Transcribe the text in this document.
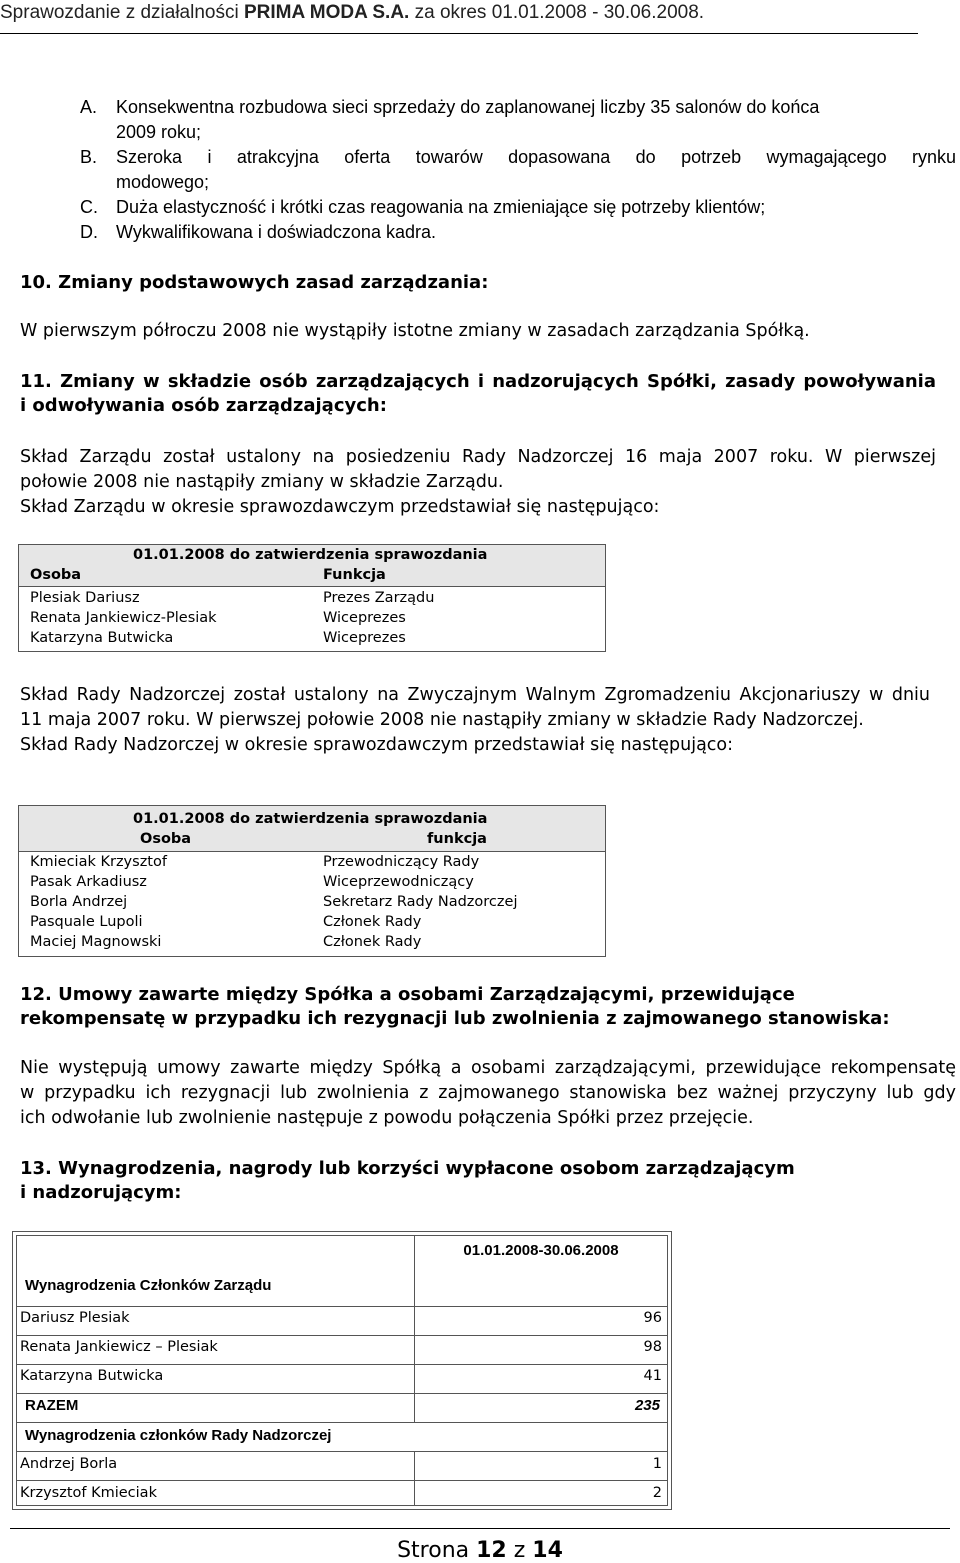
Sprawozdanie z działalności PRIMA MODA S.A. za okres 01.01.2008 - 30.06.2008.
A. Konsekwentna rozbudowa sieci sprzedaży do zaplanowanej liczby 35 salonów do końca
2009 roku;
B. Szeroka i atrakcyjna oferta towarów dopasowana do potrzeb wymagającego rynku
modowego;
C. Duża elastyczność i krótki czas reagowania na zmieniające się potrzeby klientów;
D. Wykwalifikowana i doświadczona kadra.
10. Zmiany podstawowych zasad zarządzania:
W pierwszym półroczu 2008 nie wystąpiły istotne zmiany w zasadach zarządzania Spółką.
11. Zmiany w składzie osób zarządzających i nadzorujących Spółki, zasady powoływania
i odwoływania osób zarządzających:
Skład Zarządu został ustalony na posiedzeniu Rady Nadzorczej 16 maja 2007 roku. W pierwszej
połowie 2008 nie nastąpiły zmiany w składzie Zarządu.
Skład Zarządu w okresie sprawozdawczym przedstawiał się następująco:
01.01.2008 do zatwierdzenia sprawozdania
Osoba	Funkcja
Plesiak Dariusz	Prezes Zarządu
Renata Jankiewicz-Plesiak	Wiceprezes
Katarzyna Butwicka	Wiceprezes
Skład Rady Nadzorczej został ustalony na Zwyczajnym Walnym Zgromadzeniu Akcjonariuszy w dniu
11 maja 2007 roku. W pierwszej połowie 2008 nie nastąpiły zmiany w składzie Rady Nadzorczej.
Skład Rady Nadzorczej w okresie sprawozdawczym przedstawiał się następująco:
01.01.2008 do zatwierdzenia sprawozdania
Osoba	funkcja
Kmieciak Krzysztof	Przewodniczący Rady
Pasak Arkadiusz	Wiceprzewodniczący
Borla Andrzej	Sekretarz Rady Nadzorczej
Pasquale Lupoli	Członek Rady
Maciej Magnowski	Członek Rady
12. Umowy zawarte między Spółka a osobami Zarządzającymi, przewidujące
rekompensatę w przypadku ich rezygnacji lub zwolnienia z zajmowanego stanowiska:
Nie występują umowy zawarte między Spółką a osobami zarządzającymi, przewidujące rekompensatę
w przypadku ich rezygnacji lub zwolnienia z zajmowanego stanowiska bez ważnej przyczyny lub gdy
ich odwołanie lub zwolnienie następuje z powodu połączenia Spółki przez przejęcie.
13. Wynagrodzenia, nagrody lub korzyści wypłacone osobom zarządzającym
i nadzorującym:
01.01.2008-30.06.2008
Wynagrodzenia Członków Zarządu
Dariusz Plesiak	96
Renata Jankiewicz – Plesiak	98
Katarzyna Butwicka	41
RAZEM	235
Wynagrodzenia członków Rady Nadzorczej
Andrzej Borla	1
Krzysztof Kmieciak	2
Strona 12 z 14
